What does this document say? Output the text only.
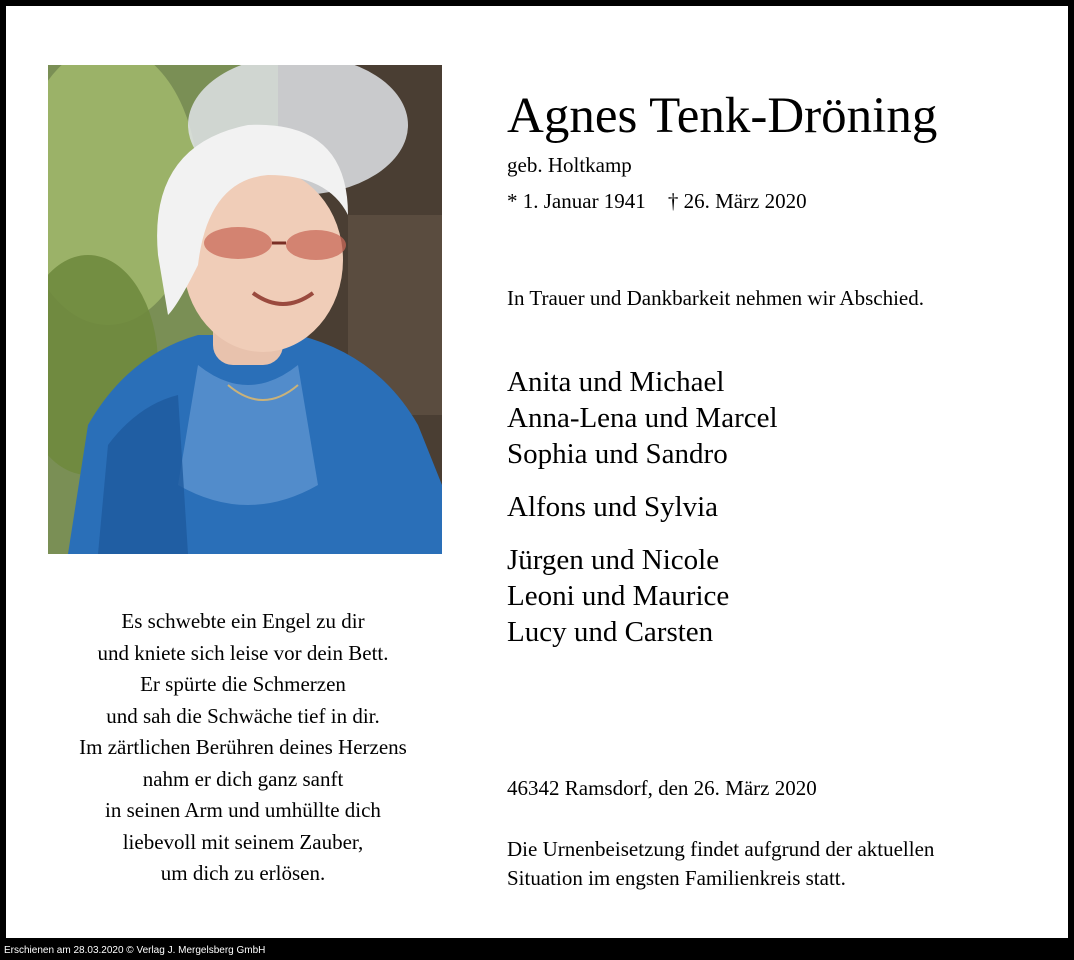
Es schwebte ein Engel zu dir
und kniete sich leise vor dein Bett.
Er spürte die Schmerzen
und sah die Schwäche tief in dir.
Im zärtlichen Berühren deines Herzens
nahm er dich ganz sanft
in seinen Arm und umhüllte dich
liebevoll mit seinem Zauber,
um dich zu erlösen.
Agnes Tenk-Dröning
geb. Holtkamp
* 1. Januar 1941 † 26. März 2020
In Trauer und Dankbarkeit nehmen wir Abschied.
Anita und Michael
Anna-Lena und Marcel
Sophia und Sandro
Alfons und Sylvia
Jürgen und Nicole
Leoni und Maurice
Lucy und Carsten
46342 Ramsdorf, den 26. März 2020
Die Urnenbeisetzung findet aufgrund der aktuellen
Situation im engsten Familienkreis statt.
Erschienen am 28.03.2020 © Verlag J. Mergelsberg GmbH
